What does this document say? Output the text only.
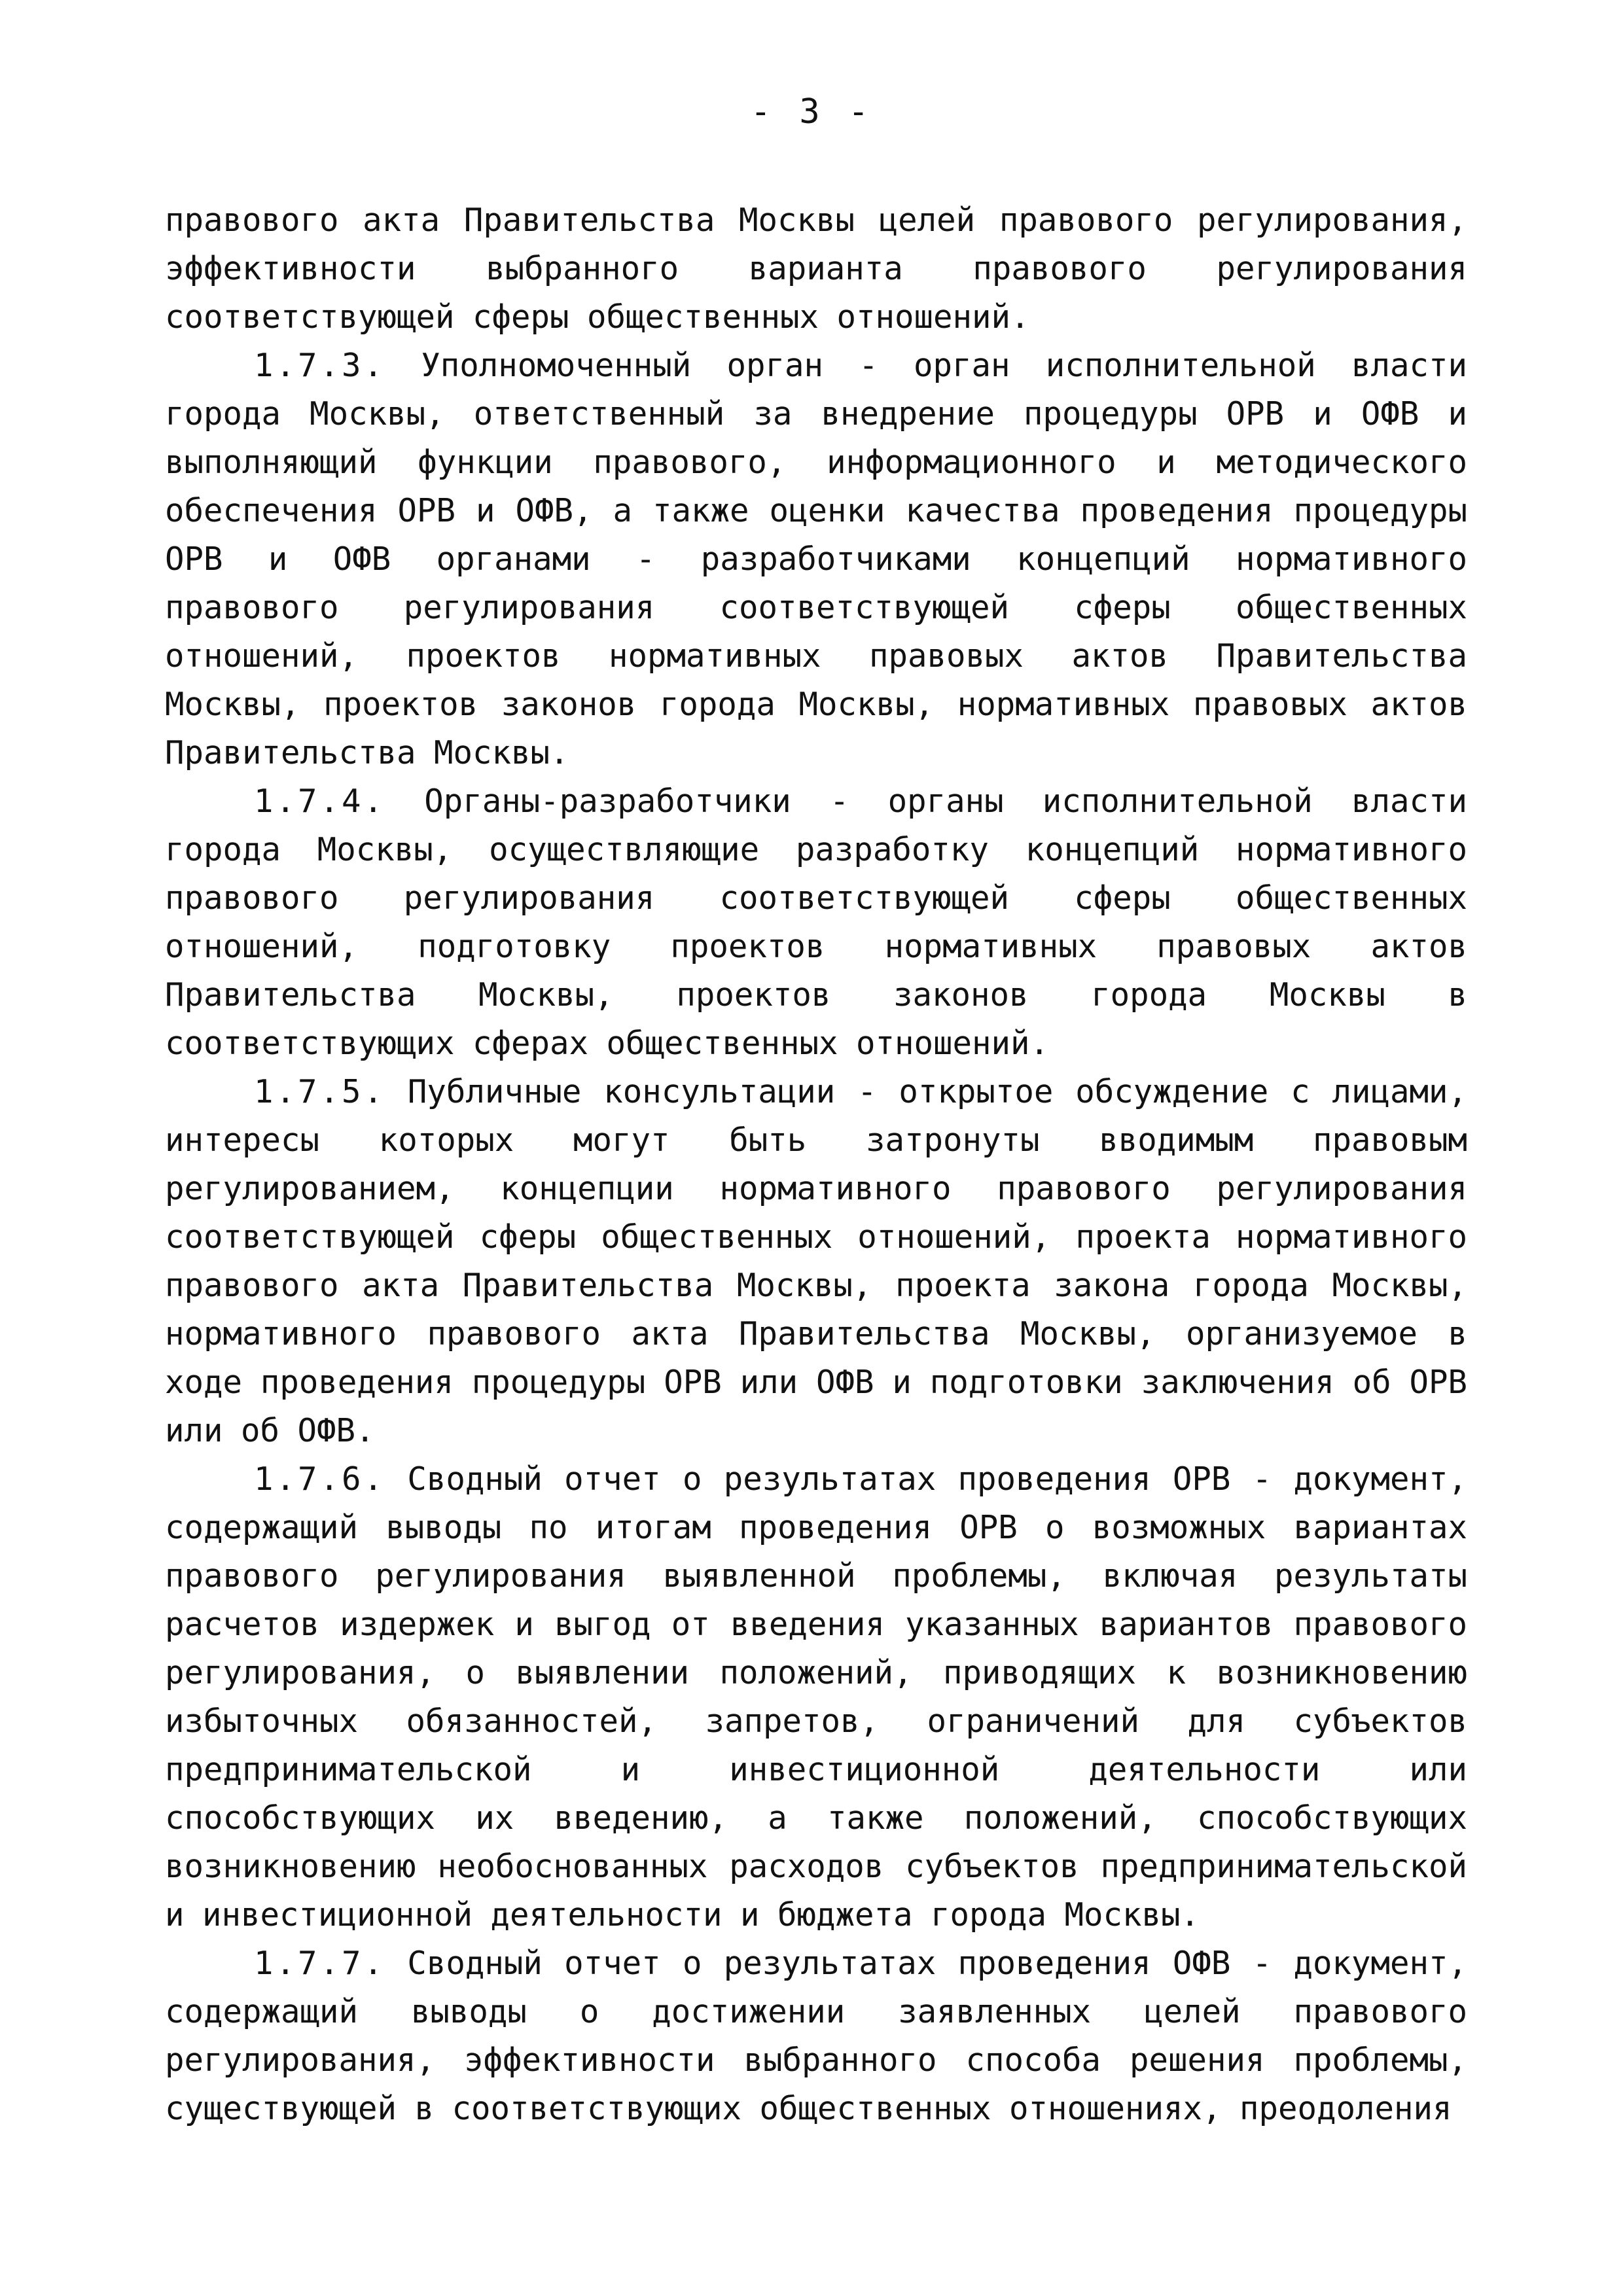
- 3 -

правового акта Правительства Москвы целей правового регулирования, эффективности выбранного варианта правового регулирования соответствующей сферы общественных отношений.

1.7.3. Уполномоченный орган - орган исполнительной власти города Москвы, ответственный за внедрение процедуры ОРВ и ОФВ и выполняющий функции правового, информационного и методического обеспечения ОРВ и ОФВ, а также оценки качества проведения процедуры ОРВ и ОФВ органами - разработчиками концепций нормативного правового регулирования соответствующей сферы общественных отношений, проектов нормативных правовых актов Правительства Москвы, проектов законов города Москвы, нормативных правовых актов Правительства Москвы.

1.7.4. Органы-разработчики - органы исполнительной власти города Москвы, осуществляющие разработку концепций нормативного правового регулирования соответствующей сферы общественных отношений, подготовку проектов нормативных правовых актов Правительства Москвы, проектов законов города Москвы в соответствующих сферах общественных отношений.

1.7.5. Публичные консультации - открытое обсуждение с лицами, интересы которых могут быть затронуты вводимым правовым регулированием, концепции нормативного правового регулирования соответствующей сферы общественных отношений, проекта нормативного правового акта Правительства Москвы, проекта закона города Москвы, нормативного правового акта Правительства Москвы, организуемое в ходе проведения процедуры ОРВ или ОФВ и подготовки заключения об ОРВ или об ОФВ.

1.7.6. Сводный отчет о результатах проведения ОРВ - документ, содержащий выводы по итогам проведения ОРВ о возможных вариантах правового регулирования выявленной проблемы, включая результаты расчетов издержек и выгод от введения указанных вариантов правового регулирования, о выявлении положений, приводящих к возникновению избыточных обязанностей, запретов, ограничений для субъектов предпринимательской и инвестиционной деятельности или способствующих их введению, а также положений, способствующих возникновению необоснованных расходов субъектов предпринимательской и инвестиционной деятельности и бюджета города Москвы.

1.7.7. Сводный отчет о результатах проведения ОФВ - документ, содержащий выводы о достижении заявленных целей правового регулирования, эффективности выбранного способа решения проблемы, существующей в соответствующих общественных отношениях, преодоления
